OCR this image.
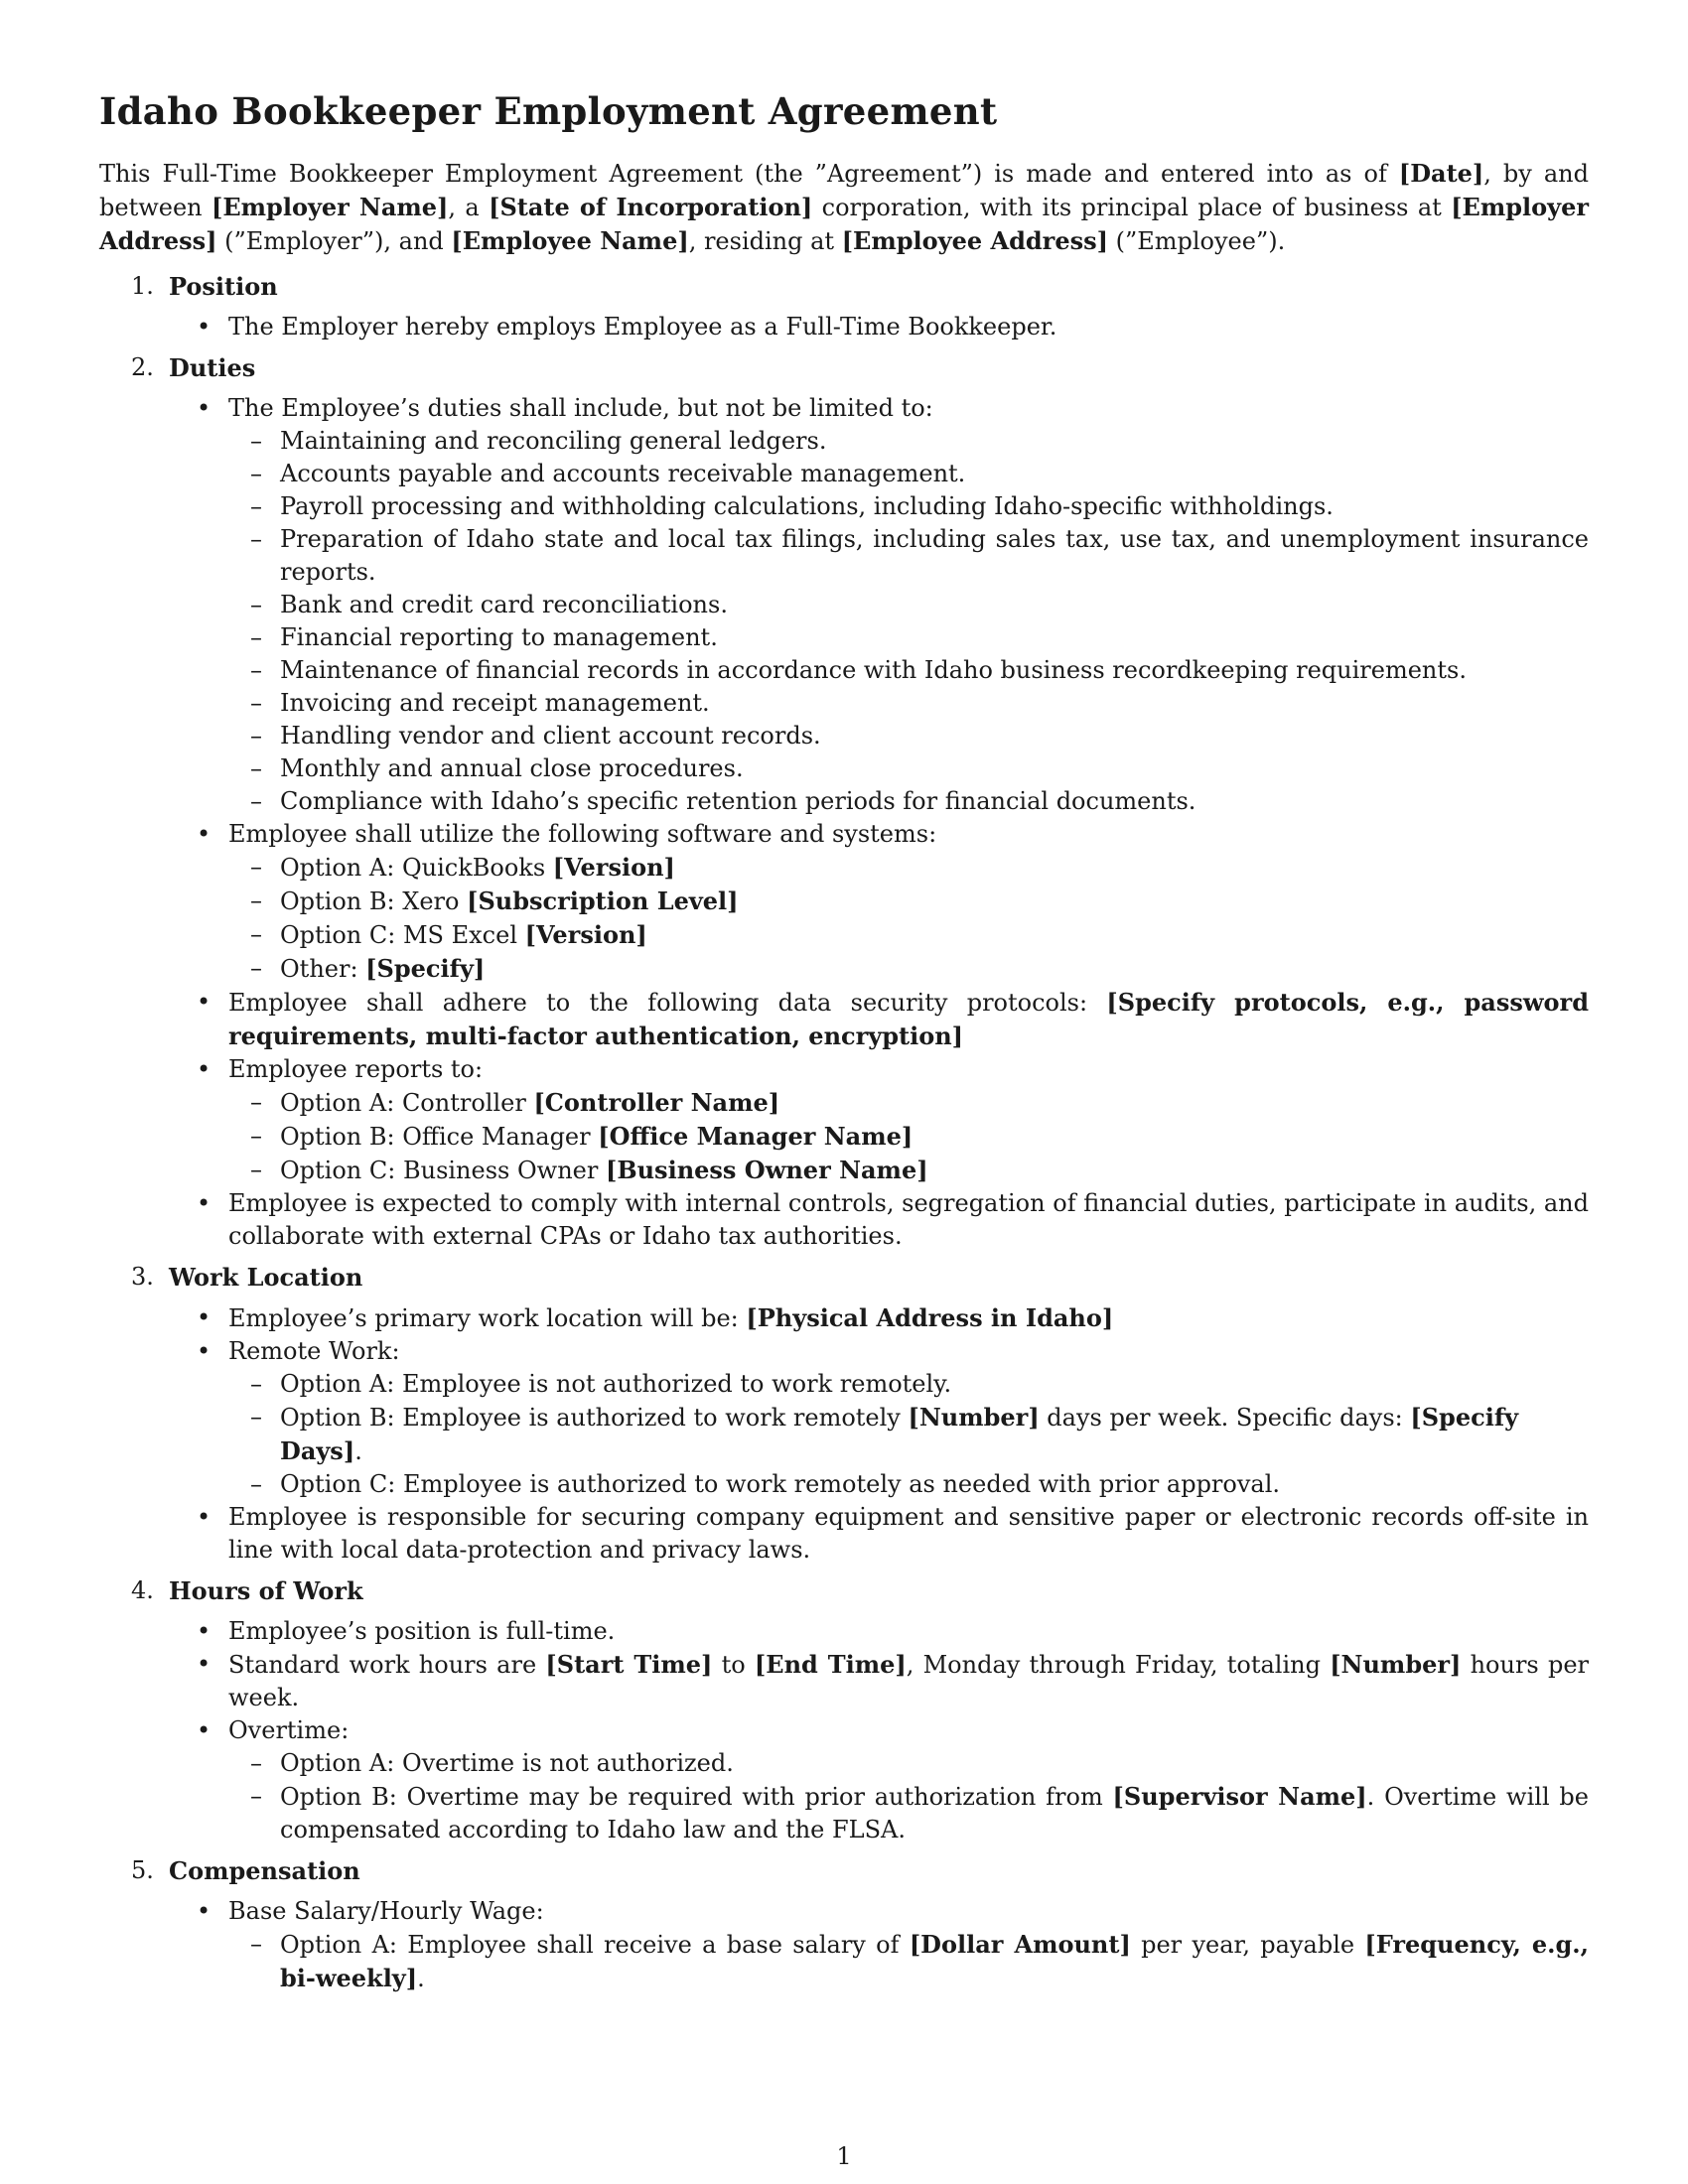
Idaho Bookkeeper Employment Agreement

This Full-Time Bookkeeper Employment Agreement (the ”Agreement”) is made and entered into as of [Date], by and between [Employer Name], a [State of Incorporation] corporation, with its principal place of business at [Employer Address] (”Employer”), and [Employee Name], residing at [Employee Address] (”Employee”).

1. Position
• The Employer hereby employs Employee as a Full-Time Bookkeeper.
2. Duties
• The Employee’s duties shall include, but not be limited to:
– Maintaining and reconciling general ledgers.
– Accounts payable and accounts receivable management.
– Payroll processing and withholding calculations, including Idaho-specific withholdings.
– Preparation of Idaho state and local tax filings, including sales tax, use tax, and unemployment insurance reports.
– Bank and credit card reconciliations.
– Financial reporting to management.
– Maintenance of financial records in accordance with Idaho business recordkeeping requirements.
– Invoicing and receipt management.
– Handling vendor and client account records.
– Monthly and annual close procedures.
– Compliance with Idaho’s specific retention periods for financial documents.
• Employee shall utilize the following software and systems:
– Option A: QuickBooks [Version]
– Option B: Xero [Subscription Level]
– Option C: MS Excel [Version]
– Other: [Specify]
• Employee shall adhere to the following data security protocols: [Specify protocols, e.g., password requirements, multi-factor authentication, encryption]
• Employee reports to:
– Option A: Controller [Controller Name]
– Option B: Office Manager [Office Manager Name]
– Option C: Business Owner [Business Owner Name]
• Employee is expected to comply with internal controls, segregation of financial duties, participate in audits, and collaborate with external CPAs or Idaho tax authorities.
3. Work Location
• Employee’s primary work location will be: [Physical Address in Idaho]
• Remote Work:
– Option A: Employee is not authorized to work remotely.
– Option B: Employee is authorized to work remotely [Number] days per week. Specific days: [Specify Days].
– Option C: Employee is authorized to work remotely as needed with prior approval.
• Employee is responsible for securing company equipment and sensitive paper or electronic records off-site in line with local data-protection and privacy laws.
4. Hours of Work
• Employee’s position is full-time.
• Standard work hours are [Start Time] to [End Time], Monday through Friday, totaling [Number] hours per week.
• Overtime:
– Option A: Overtime is not authorized.
– Option B: Overtime may be required with prior authorization from [Supervisor Name]. Overtime will be compensated according to Idaho law and the FLSA.
5. Compensation
• Base Salary/Hourly Wage:
– Option A: Employee shall receive a base salary of [Dollar Amount] per year, payable [Frequency, e.g., bi-weekly].
1
